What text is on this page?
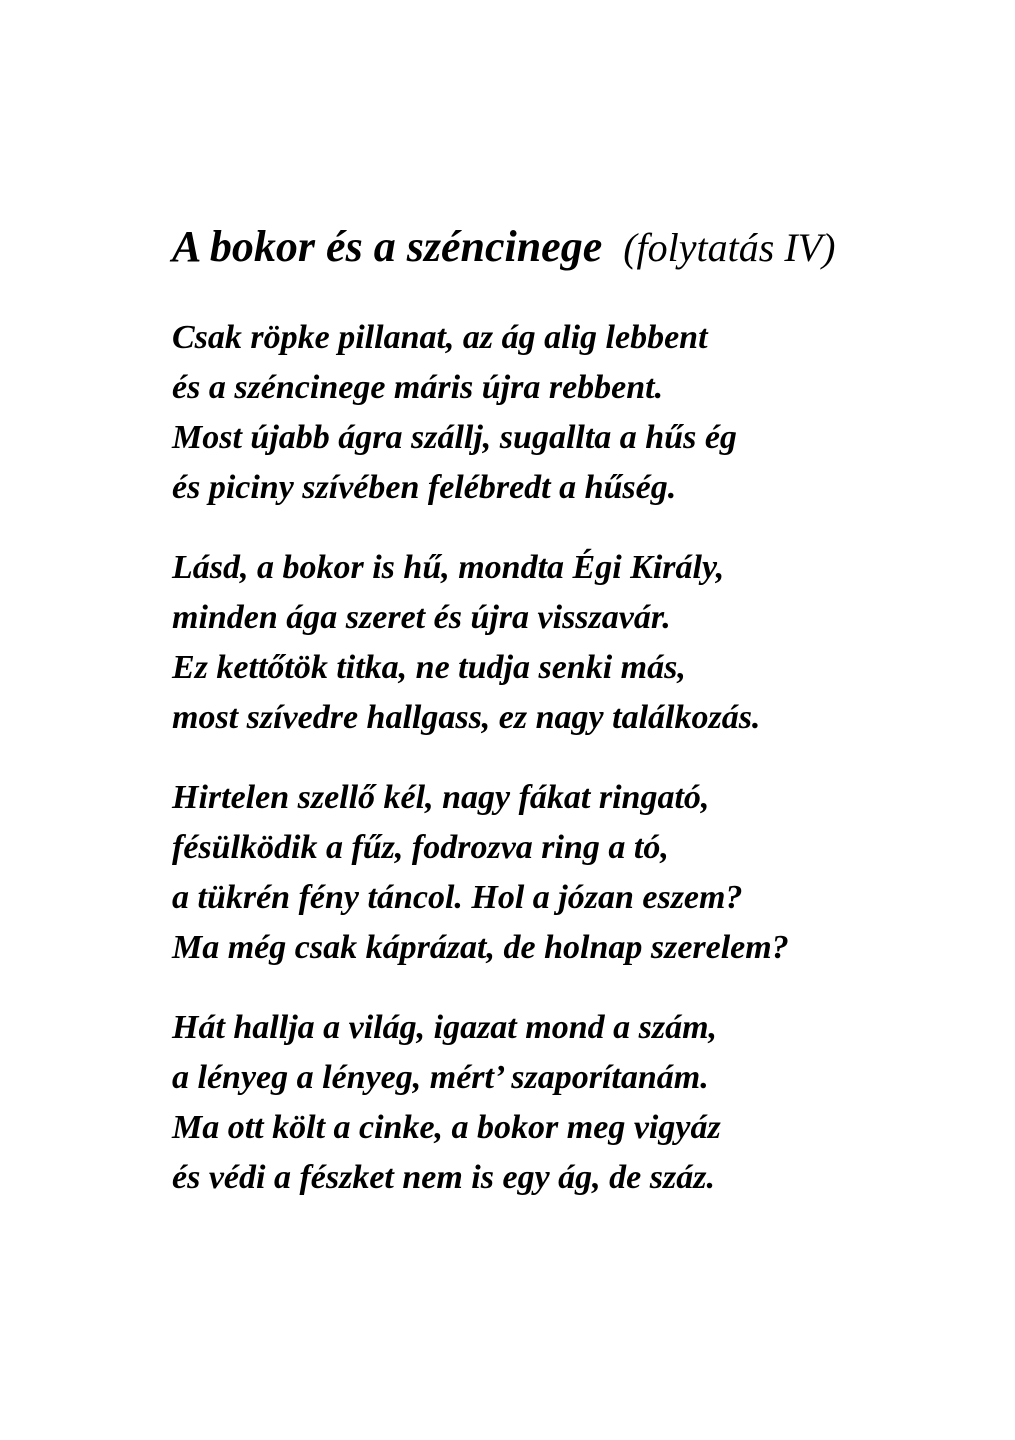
A bokor és a széncinege (folytatás IV)

Csak röpke pillanat, az ág alig lebbent

és a széncinege máris újra rebbent.

Most újabb ágra szállj, sugallta a hűs ég

és piciny szívében felébredt a hűség.

Lásd, a bokor is hű, mondta Égi Király,

minden ága szeret és újra visszavár.

Ez kettőtök titka, ne tudja senki más,

most szívedre hallgass, ez nagy találkozás.

Hirtelen szellő kél, nagy fákat ringató,

fésülködik a fűz, fodrozva ring a tó,

a tükrén fény táncol. Hol a józan eszem?

Ma még csak káprázat, de holnap szerelem?

Hát hallja a világ, igazat mond a szám,

a lényeg a lényeg, mért’ szaporítanám.

Ma ott költ a cinke, a bokor meg vigyáz

és védi a fészket nem is egy ág, de száz.
